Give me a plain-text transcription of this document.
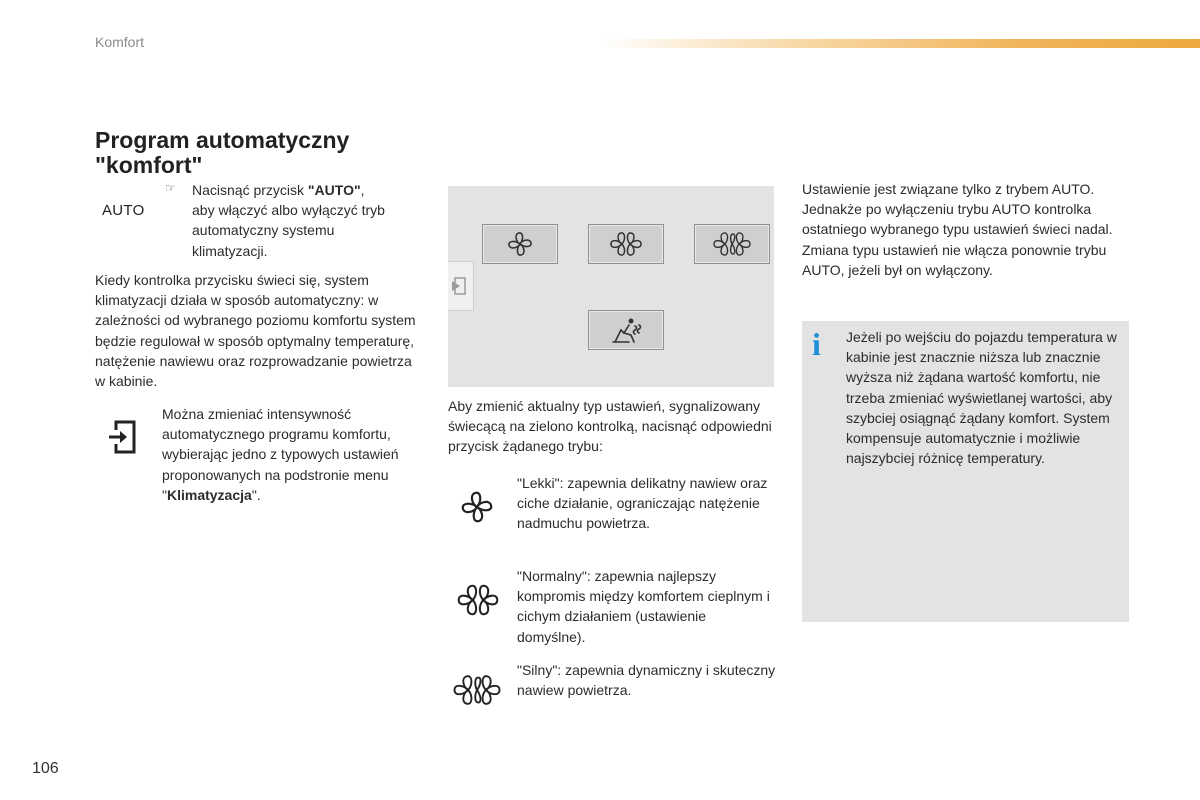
Komfort
Program automatyczny "komfort"
AUTO
☞ Nacisnąć przycisk "AUTO",
aby włączyć albo wyłączyć tryb automatyczny systemu klimatyzacji.
Kiedy kontrolka przycisku świeci się, system klimatyzacji działa w sposób automatyczny: w zależności od wybranego poziomu komfortu system będzie regulował w sposób optymalny temperaturę, natężenie nawiewu oraz rozprowadzanie powietrza w kabinie.
Można zmieniać intensywność automatycznego programu komfortu, wybierając jedno z typowych ustawień proponowanych na podstronie menu "Klimatyzacja".
Aby zmienić aktualny typ ustawień, sygnalizowany świecącą na zielono kontrolką, nacisnąć odpowiedni przycisk żądanego trybu:
"Lekki": zapewnia delikatny nawiew oraz ciche działanie, ograniczając natężenie nadmuchu powietrza.
"Normalny": zapewnia najlepszy kompromis między komfortem cieplnym i cichym działaniem (ustawienie domyślne).
"Silny": zapewnia dynamiczny i skuteczny nawiew powietrza.
Ustawienie jest związane tylko z trybem AUTO. Jednakże po wyłączeniu trybu AUTO kontrolka ostatniego wybranego typu ustawień świeci nadal.
Zmiana typu ustawień nie włącza ponownie trybu AUTO, jeżeli był on wyłączony.
i Jeżeli po wejściu do pojazdu temperatura w kabinie jest znacznie niższa lub znacznie wyższa niż żądana wartość komfortu, nie trzeba zmieniać wyświetlanej wartości, aby szybciej osiągnąć żądany komfort. System kompensuje automatycznie i możliwie najszybciej różnicę temperatury.
106
